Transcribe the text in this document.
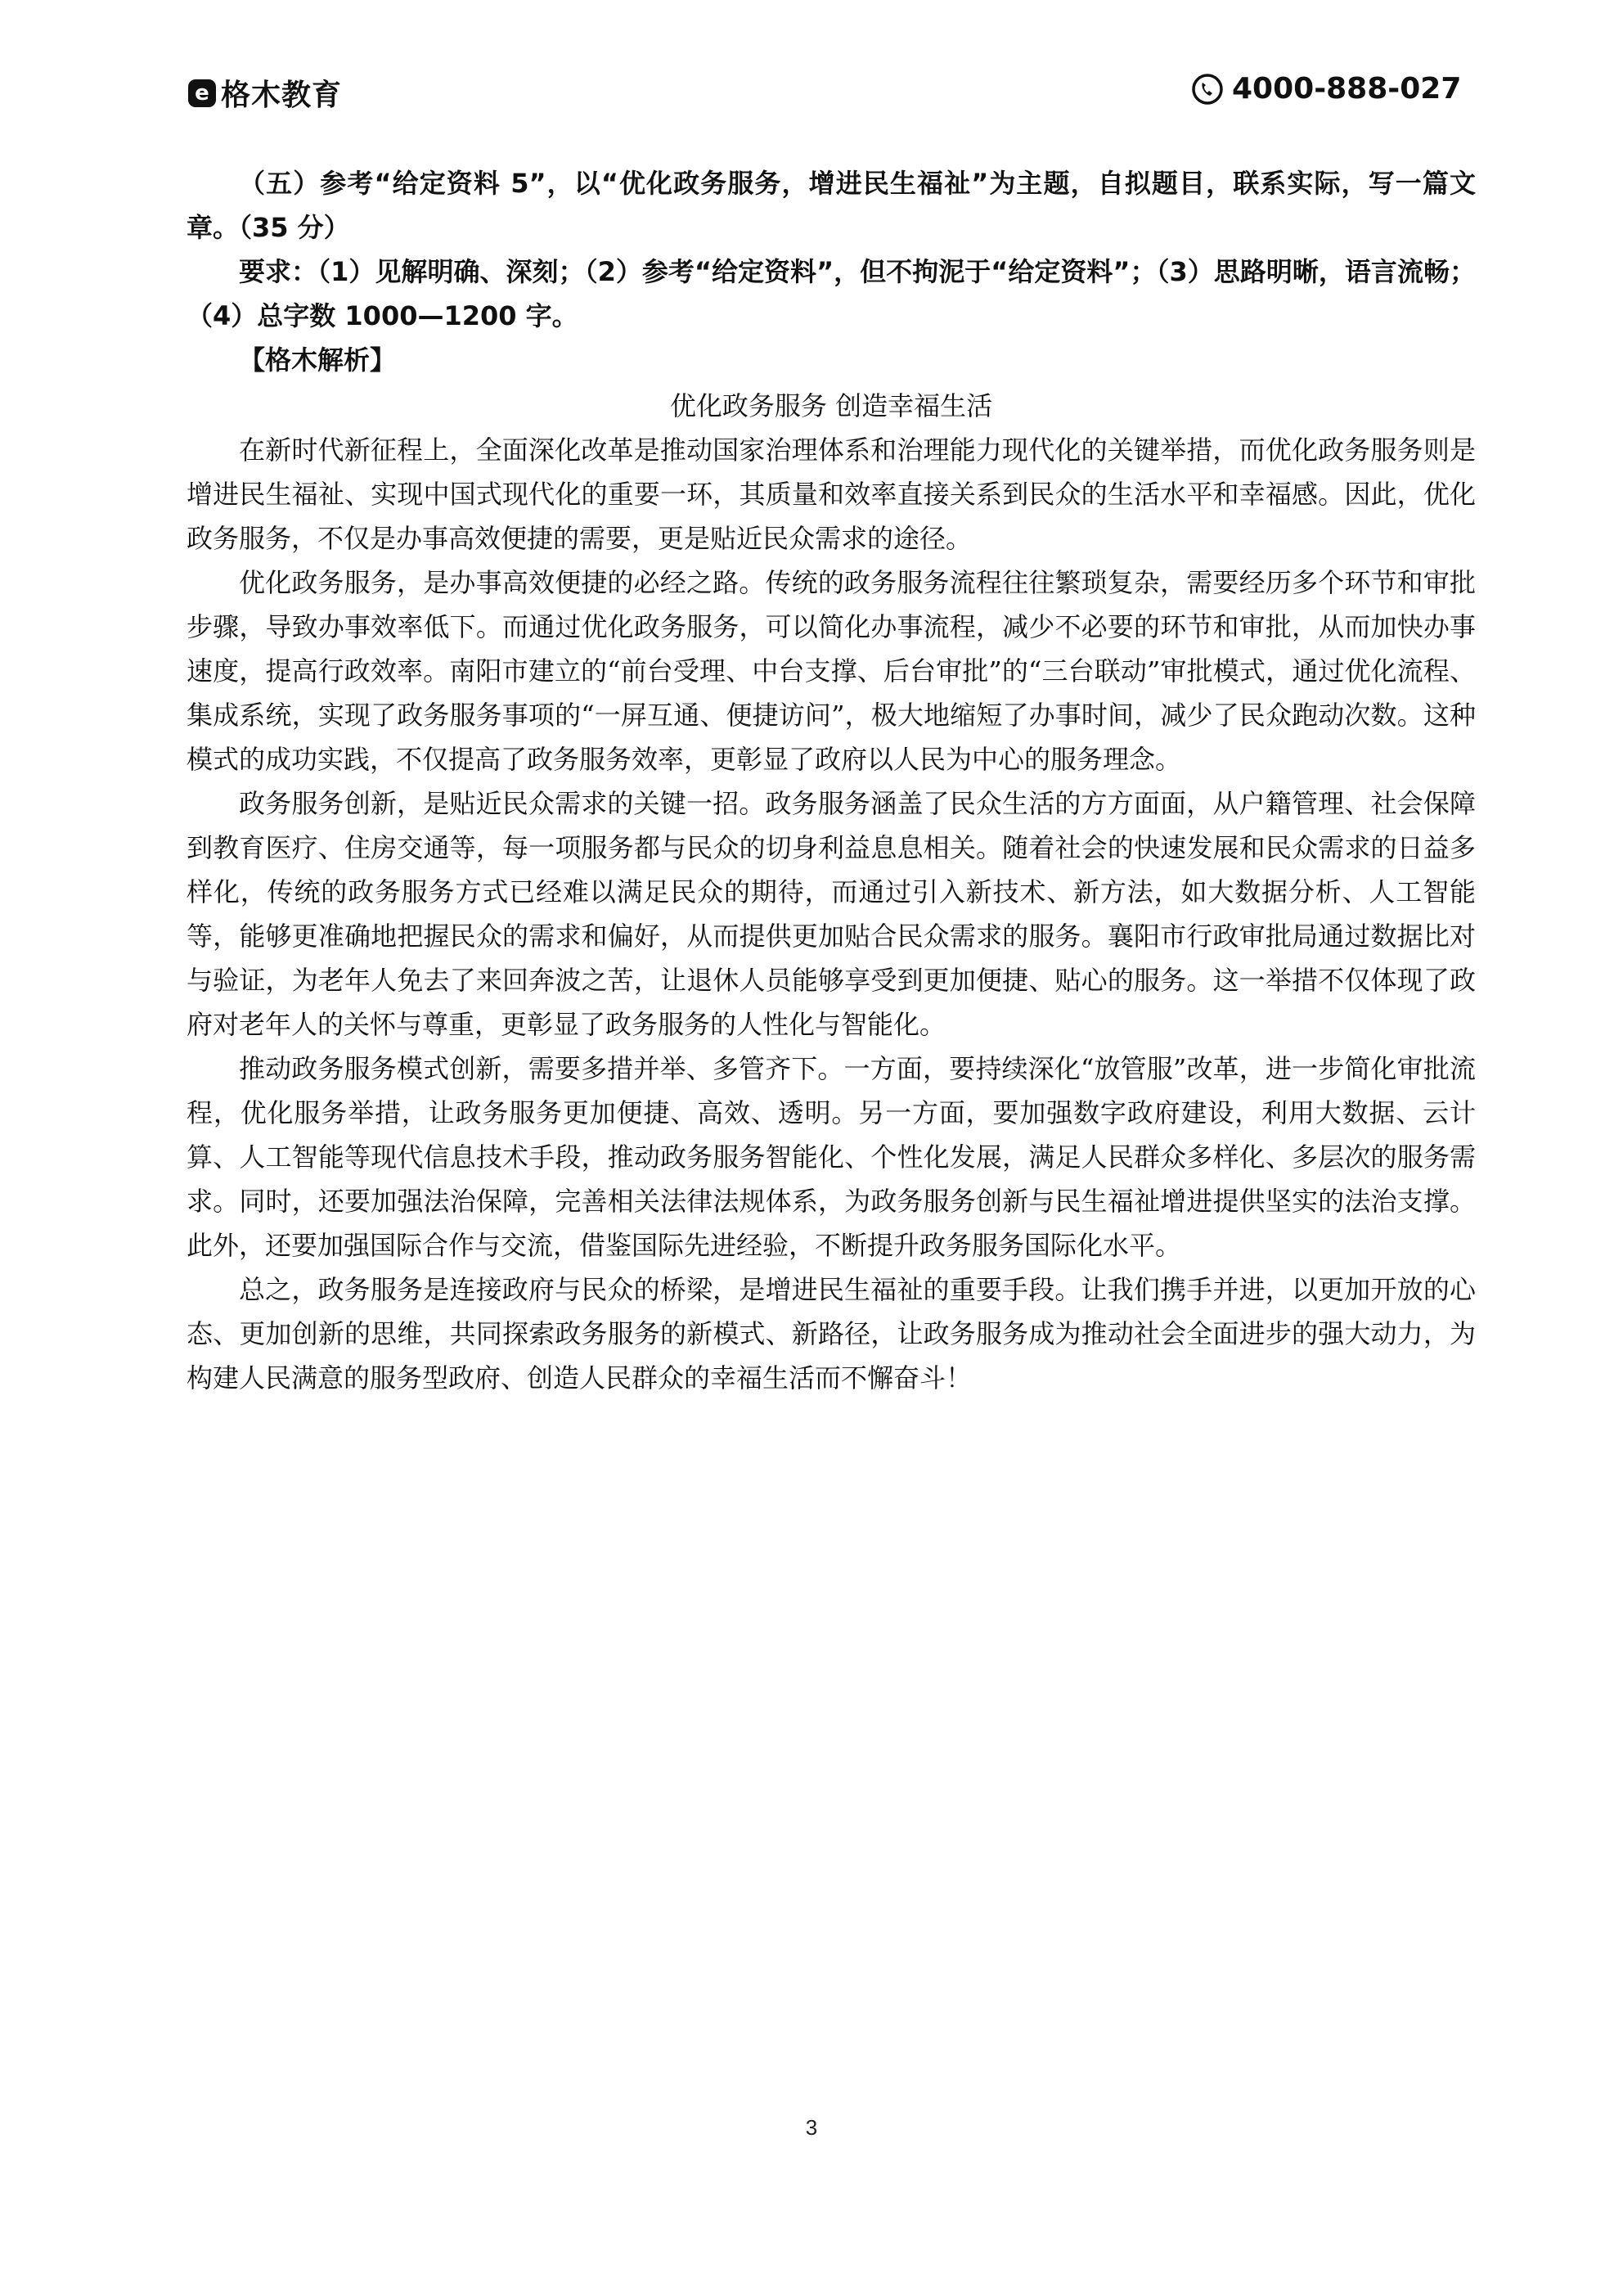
e 格木教育	4000-888-027

（五）参考“给定资料 5”，以“优化政务服务，增进民生福祉”为主题，自拟题目，联系实际，写一篇文章。（35 分）

要求：（1）见解明确、深刻；（2）参考“给定资料”，但不拘泥于“给定资料”；（3）思路明晰，语言流畅；（4）总字数 1000—1200 字。

【格木解析】

优化政务服务 创造幸福生活

在新时代新征程上，全面深化改革是推动国家治理体系和治理能力现代化的关键举措，而优化政务服务则是增进民生福祉、实现中国式现代化的重要一环，其质量和效率直接关系到民众的生活水平和幸福感。因此，优化政务服务，不仅是办事高效便捷的需要，更是贴近民众需求的途径。

优化政务服务，是办事高效便捷的必经之路。传统的政务服务流程往往繁琐复杂，需要经历多个环节和审批步骤，导致办事效率低下。而通过优化政务服务，可以简化办事流程，减少不必要的环节和审批，从而加快办事速度，提高行政效率。南阳市建立的“前台受理、中台支撑、后台审批”的“三台联动”审批模式，通过优化流程、集成系统，实现了政务服务事项的“一屏互通、便捷访问”，极大地缩短了办事时间，减少了民众跑动次数。这种模式的成功实践，不仅提高了政务服务效率，更彰显了政府以人民为中心的服务理念。

政务服务创新，是贴近民众需求的关键一招。政务服务涵盖了民众生活的方方面面，从户籍管理、社会保障到教育医疗、住房交通等，每一项服务都与民众的切身利益息息相关。随着社会的快速发展和民众需求的日益多样化，传统的政务服务方式已经难以满足民众的期待，而通过引入新技术、新方法，如大数据分析、人工智能等，能够更准确地把握民众的需求和偏好，从而提供更加贴合民众需求的服务。襄阳市行政审批局通过数据比对与验证，为老年人免去了来回奔波之苦，让退休人员能够享受到更加便捷、贴心的服务。这一举措不仅体现了政府对老年人的关怀与尊重，更彰显了政务服务的人性化与智能化。

推动政务服务模式创新，需要多措并举、多管齐下。一方面，要持续深化“放管服”改革，进一步简化审批流程，优化服务举措，让政务服务更加便捷、高效、透明。另一方面，要加强数字政府建设，利用大数据、云计算、人工智能等现代信息技术手段，推动政务服务智能化、个性化发展，满足人民群众多样化、多层次的服务需求。同时，还要加强法治保障，完善相关法律法规体系，为政务服务创新与民生福祉增进提供坚实的法治支撑。此外，还要加强国际合作与交流，借鉴国际先进经验，不断提升政务服务国际化水平。

总之，政务服务是连接政府与民众的桥梁，是增进民生福祉的重要手段。让我们携手并进，以更加开放的心态、更加创新的思维，共同探索政务服务的新模式、新路径，让政务服务成为推动社会全面进步的强大动力，为构建人民满意的服务型政府、创造人民群众的幸福生活而不懈奋斗！

3
